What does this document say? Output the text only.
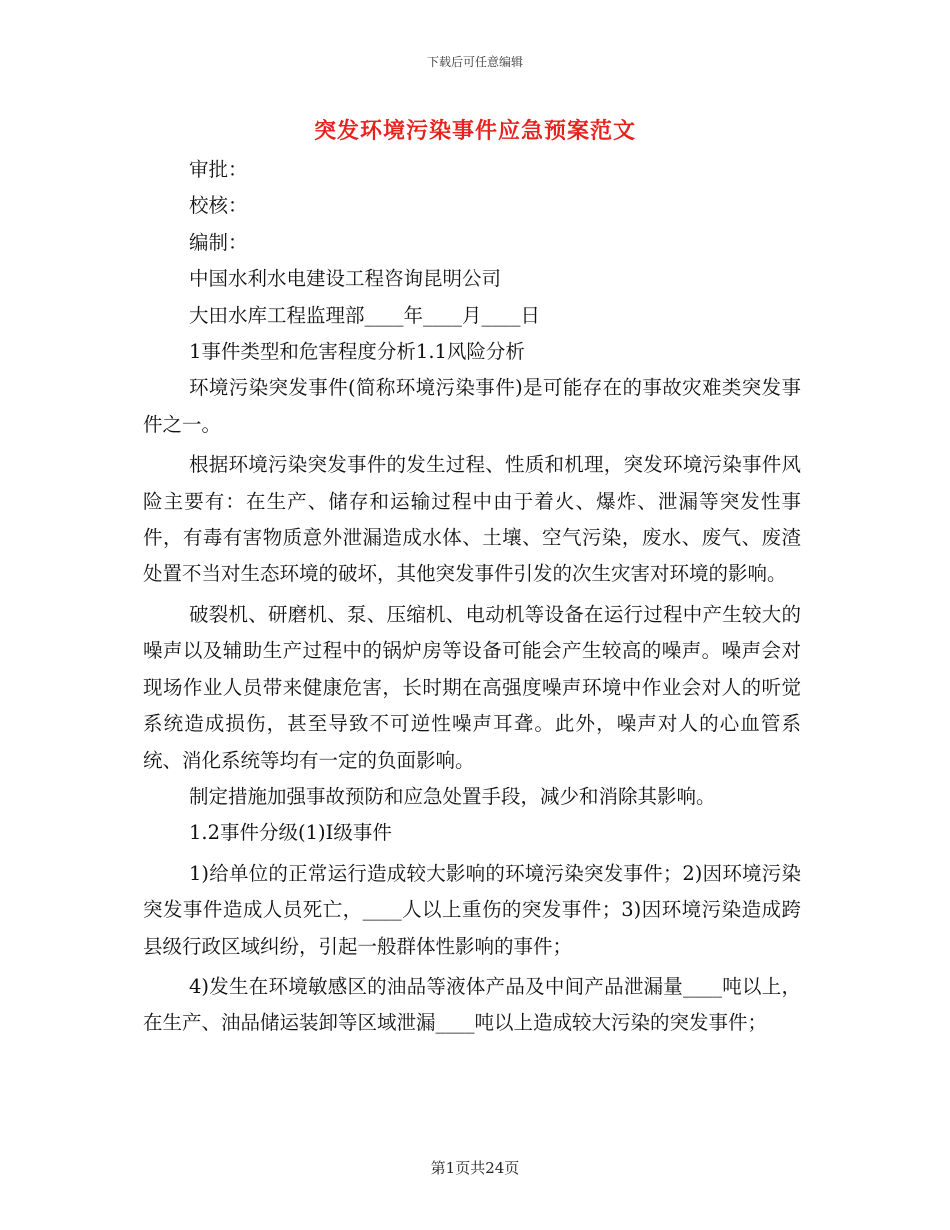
下载后可任意编辑
突发环境污染事件应急预案范文

审批：

校核：

编制：

中国水利水电建设工程咨询昆明公司

大田水库工程监理部____年____月____日

1事件类型和危害程度分析1.1风险分析

环境污染突发事件(简称环境污染事件)是可能存在的事故灾难类突发事件之一。

根据环境污染突发事件的发生过程、性质和机理，突发环境污染事件风险主要有：在生产、储存和运输过程中由于着火、爆炸、泄漏等突发性事件，有毒有害物质意外泄漏造成水体、土壤、空气污染，废水、废气、废渣处置不当对生态环境的破坏，其他突发事件引发的次生灾害对环境的影响。

破裂机、研磨机、泵、压缩机、电动机等设备在运行过程中产生较大的噪声以及辅助生产过程中的锅炉房等设备可能会产生较高的噪声。噪声会对现场作业人员带来健康危害，长时期在高强度噪声环境中作业会对人的听觉系统造成损伤，甚至导致不可逆性噪声耳聋。此外，噪声对人的心血管系统、消化系统等均有一定的负面影响。

制定措施加强事故预防和应急处置手段，减少和消除其影响。

1.2事件分级(1)Ⅰ级事件

1)给单位的正常运行造成较大影响的环境污染突发事件；2)因环境污染突发事件造成人员死亡，____人以上重伤的突发事件；3)因环境污染造成跨县级行政区域纠纷，引起一般群体性影响的事件；

4)发生在环境敏感区的油品等液体产品及中间产品泄漏量____吨以上，在生产、油品储运装卸等区域泄漏____吨以上造成较大污染的突发事件；

第1页共24页
